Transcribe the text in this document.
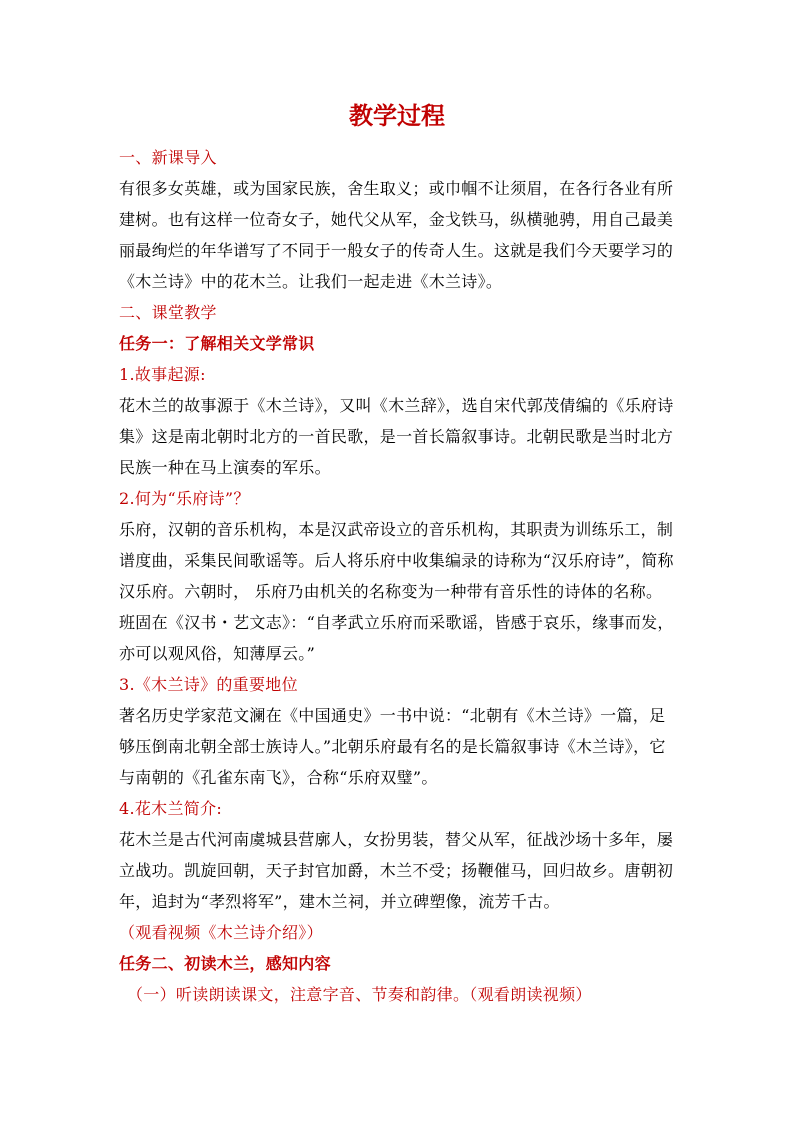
教学过程

一、新课导入

有很多女英雄，或为国家民族，舍生取义；或巾帼不让须眉，在各行各业有所建树。也有这样一位奇女子，她代父从军，金戈铁马，纵横驰骋，用自己最美丽最绚烂的年华谱写了不同于一般女子的传奇人生。这就是我们今天要学习的《木兰诗》中的花木兰。让我们一起走进《木兰诗》。

二、课堂教学

任务一：了解相关文学常识

1.故事起源:

花木兰的故事源于《木兰诗》，又叫《木兰辞》，选自宋代郭茂倩编的《乐府诗集》这是南北朝时北方的一首民歌，是一首长篇叙事诗。北朝民歌是当时北方民族一种在马上演奏的军乐。

2.何为“乐府诗”？

乐府，汉朝的音乐机构，本是汉武帝设立的音乐机构，其职责为训练乐工，制谱度曲，采集民间歌谣等。后人将乐府中收集编录的诗称为“汉乐府诗”，简称汉乐府。六朝时， 乐府乃由机关的名称变为一种带有音乐性的诗体的名称。

班固在《汉书・艺文志》：“自孝武立乐府而采歌谣，皆感于哀乐，缘事而发，亦可以观风俗，知薄厚云。”

3.《木兰诗》的重要地位

著名历史学家范文澜在《中国通史》一书中说：“北朝有《木兰诗》一篇，足够压倒南北朝全部士族诗人。”北朝乐府最有名的是长篇叙事诗《木兰诗》，它与南朝的《孔雀东南飞》，合称“乐府双璧”。

4.花木兰简介:

花木兰是古代河南虞城县营廓人，女扮男装，替父从军，征战沙场十多年，屡立战功。凯旋回朝，天子封官加爵，木兰不受；扬鞭催马，回归故乡。唐朝初年，追封为“孝烈将军”，建木兰祠，并立碑塑像，流芳千古。

（观看视频《木兰诗介绍》）

任务二、初读木兰，感知内容

（一）听读朗读课文，注意字音、节奏和韵律。（观看朗读视频）
